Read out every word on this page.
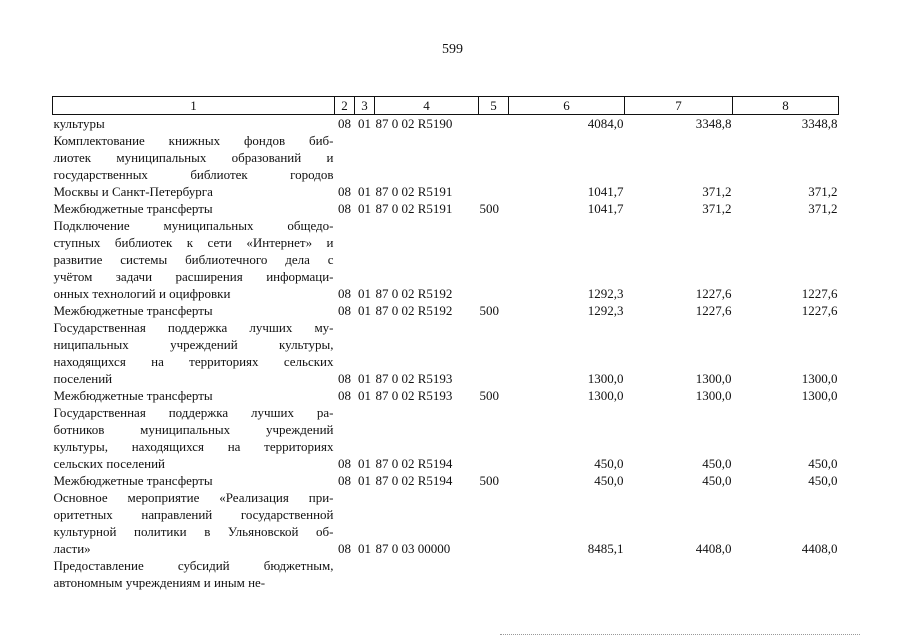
599
1	2	3	4	5	6	7	8

культуры	08	01	87 0 02 R5190		4084,0	3348,8	3348,8

Комплектование книжных фондов биб-
лиотек муниципальных образований и
государственных библиотек городов
Москвы и Санкт-Петербурга	08	01	87 0 02 R5191		1041,7	371,2	371,2

Межбюджетные трансферты	08	01	87 0 02 R5191	500	1041,7	371,2	371,2

Подключение муниципальных общедо-
ступных библиотек к сети «Интернет» и
развитие системы библиотечного дела с
учётом задачи расширения информаци-
онных технологий и оцифровки	08	01	87 0 02 R5192		1292,3	1227,6	1227,6

Межбюджетные трансферты	08	01	87 0 02 R5192	500	1292,3	1227,6	1227,6

Государственная поддержка лучших му-
ниципальных учреждений культуры,
находящихся на территориях сельских
поселений	08	01	87 0 02 R5193		1300,0	1300,0	1300,0

Межбюджетные трансферты	08	01	87 0 02 R5193	500	1300,0	1300,0	1300,0

Государственная поддержка лучших ра-
ботников муниципальных учреждений
культуры, находящихся на территориях
сельских поселений	08	01	87 0 02 R5194		450,0	450,0	450,0

Межбюджетные трансферты	08	01	87 0 02 R5194	500	450,0	450,0	450,0

Основное мероприятие «Реализация при-
оритетных направлений государственной
культурной политики в Ульяновской об-
ласти»	08	01	87 0 03 00000		8485,1	4408,0	4408,0

Предоставление субсидий бюджетным,
автономным учреждениям и иным не-							
